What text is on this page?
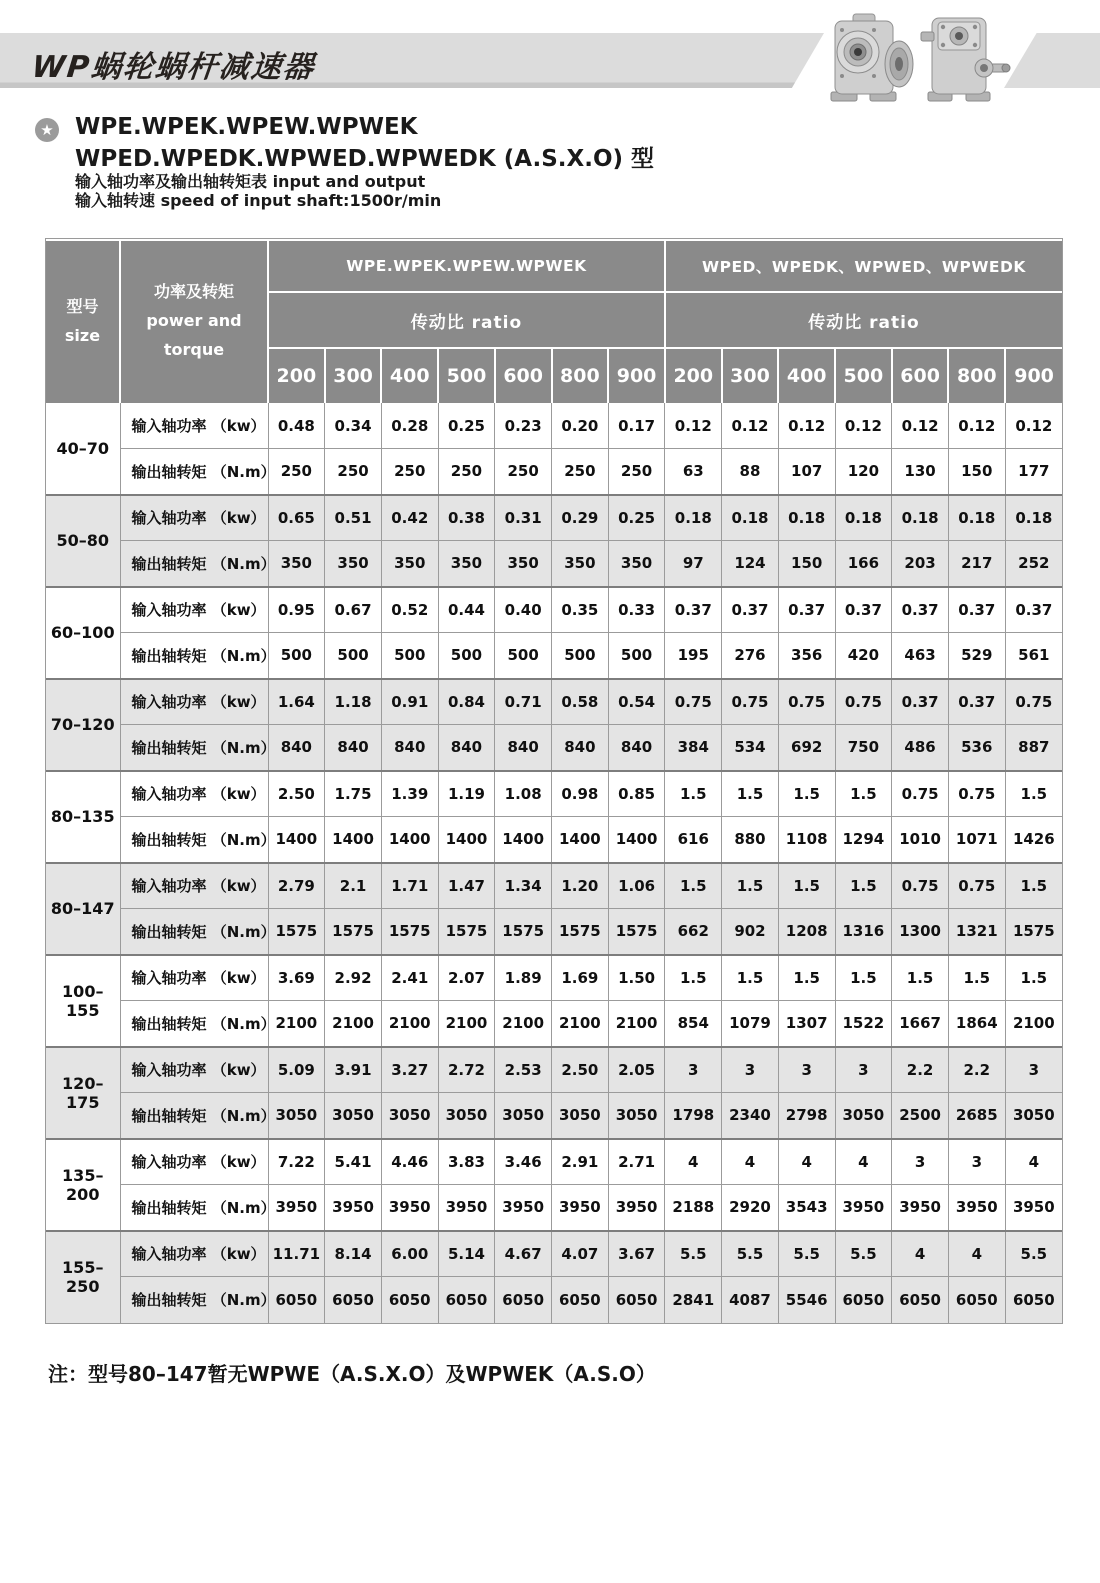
WP蜗轮蜗杆减速器
★ WPE.WPEK.WPEW.WPWEK
WPED.WPEDK.WPWED.WPWEDK (A.S.X.O) 型
输入轴功率及输出轴转矩表 input and output
输入轴转速 speed of input shaft:1500r/min
型号
size

功率及转矩
power and torque
	WPE.WPEK.WPEW.WPWEK	WPED、WPEDK、WPWED、WPWEDK
		传动比 ratio							传动比 ratio						
		200	300	400	500	600	800	900	200	300	400	500	600	800	900
40–70	输入轴功率 （kw）	0.48	0.34	0.28	0.25	0.23	0.20	0.17	0.12	0.12	0.12	0.12	0.12	0.12	0.12
	输出轴转矩 （N.m）	250	250	250	250	250	250	250	63	88	107	120	130	150	177
50–80	输入轴功率 （kw）	0.65	0.51	0.42	0.38	0.31	0.29	0.25	0.18	0.18	0.18	0.18	0.18	0.18	0.18
	输出轴转矩 （N.m）	350	350	350	350	350	350	350	97	124	150	166	203	217	252
60–100	输入轴功率 （kw）	0.95	0.67	0.52	0.44	0.40	0.35	0.33	0.37	0.37	0.37	0.37	0.37	0.37	0.37
	输出轴转矩 （N.m）	500	500	500	500	500	500	500	195	276	356	420	463	529	561
70–120	输入轴功率 （kw）	1.64	1.18	0.91	0.84	0.71	0.58	0.54	0.75	0.75	0.75	0.75	0.37	0.37	0.75
	输出轴转矩 （N.m）	840	840	840	840	840	840	840	384	534	692	750	486	536	887
80–135	输入轴功率 （kw）	2.50	1.75	1.39	1.19	1.08	0.98	0.85	1.5	1.5	1.5	1.5	0.75	0.75	1.5
	输出轴转矩 （N.m）	1400	1400	1400	1400	1400	1400	1400	616	880	1108	1294	1010	1071	1426
80–147	输入轴功率 （kw）	2.79	2.1	1.71	1.47	1.34	1.20	1.06	1.5	1.5	1.5	1.5	0.75	0.75	1.5
	输出轴转矩 （N.m）	1575	1575	1575	1575	1575	1575	1575	662	902	1208	1316	1300	1321	1575
100–155	输入轴功率 （kw）	3.69	2.92	2.41	2.07	1.89	1.69	1.50	1.5	1.5	1.5	1.5	1.5	1.5	1.5
	输出轴转矩 （N.m）	2100	2100	2100	2100	2100	2100	2100	854	1079	1307	1522	1667	1864	2100
120–175	输入轴功率 （kw）	5.09	3.91	3.27	2.72	2.53	2.50	2.05	3	3	3	3	2.2	2.2	3
	输出轴转矩 （N.m）	3050	3050	3050	3050	3050	3050	3050	1798	2340	2798	3050	2500	2685	3050
135–200	输入轴功率 （kw）	7.22	5.41	4.46	3.83	3.46	2.91	2.71	4	4	4	4	3	3	4
	输出轴转矩 （N.m）	3950	3950	3950	3950	3950	3950	3950	2188	2920	3543	3950	3950	3950	3950
155–250	输入轴功率 （kw）	11.71	8.14	6.00	5.14	4.67	4.07	3.67	5.5	5.5	5.5	5.5	4	4	5.5
	输出轴转矩 （N.m）	6050	6050	6050	6050	6050	6050	6050	2841	4087	5546	6050	6050	6050	6050
注：型号80–147暂无WPWE（A.S.X.O）及WPWEK（A.S.O）
